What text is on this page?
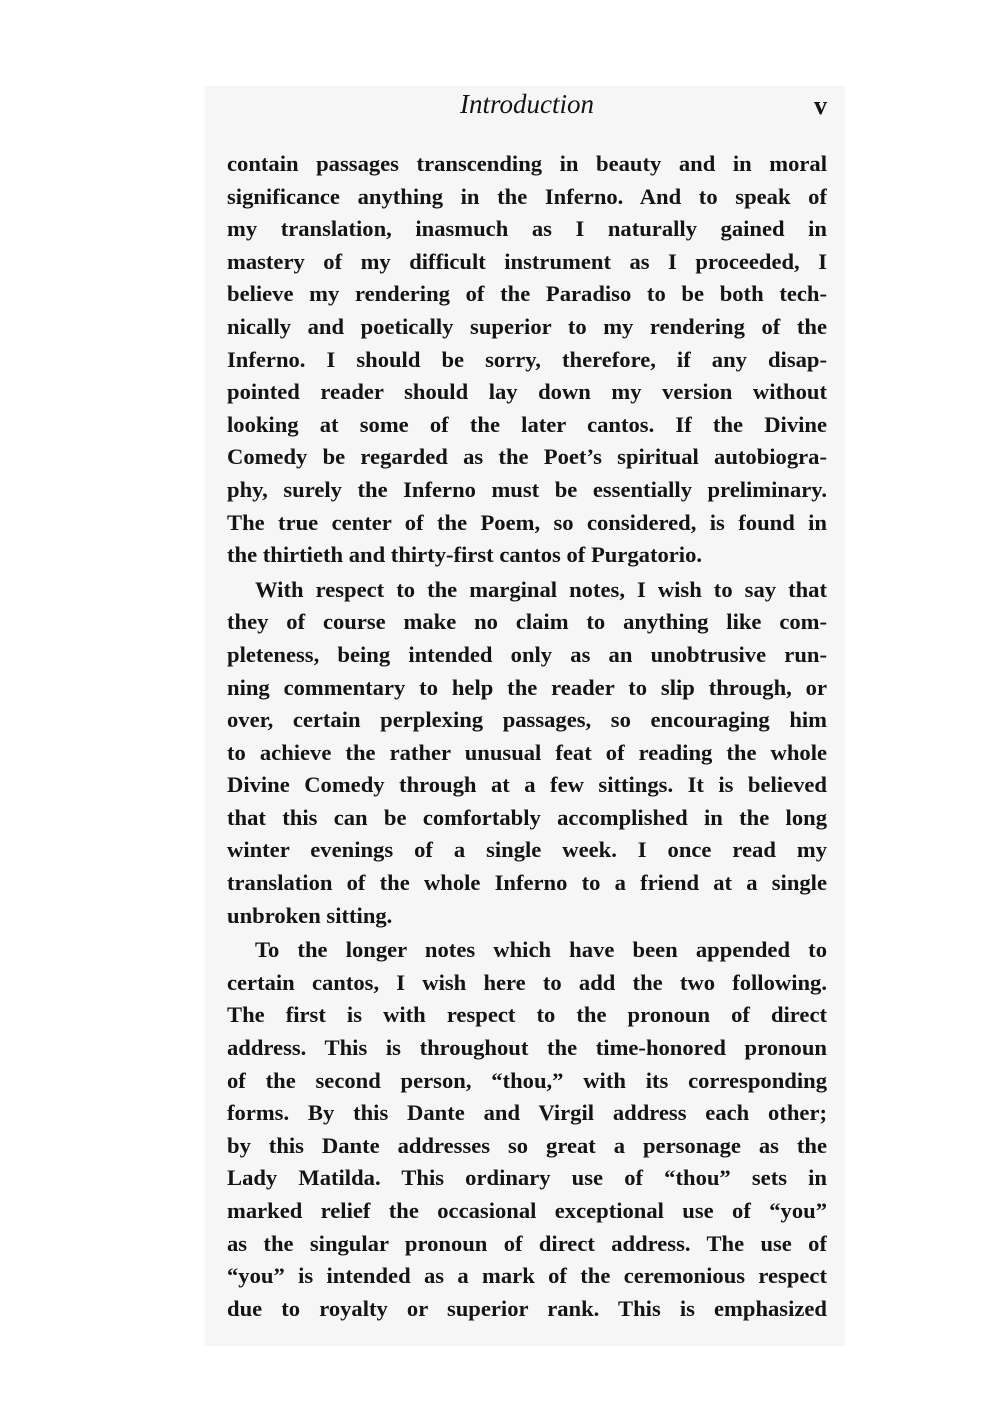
Introduction	v
contain passages transcending in beauty and in moral
significance anything in the Inferno. And to speak of
my translation, inasmuch as I naturally gained in
mastery of my difficult instrument as I proceeded, I
believe my rendering of the Paradiso to be both tech-
nically and poetically superior to my rendering of the
Inferno. I should be sorry, therefore, if any disap-
pointed reader should lay down my version without
looking at some of the later cantos. If the Divine
Comedy be regarded as the Poet’s spiritual autobiogra-
phy, surely the Inferno must be essentially preliminary.
The true center of the Poem, so considered, is found in
the thirtieth and thirty-first cantos of Purgatorio.
With respect to the marginal notes, I wish to say that
they of course make no claim to anything like com-
pleteness, being intended only as an unobtrusive run-
ning commentary to help the reader to slip through, or
over, certain perplexing passages, so encouraging him
to achieve the rather unusual feat of reading the whole
Divine Comedy through at a few sittings. It is believed
that this can be comfortably accomplished in the long
winter evenings of a single week. I once read my
translation of the whole Inferno to a friend at a single
unbroken sitting.
To the longer notes which have been appended to
certain cantos, I wish here to add the two following.
The first is with respect to the pronoun of direct
address. This is throughout the time-honored pronoun
of the second person, “thou,” with its corresponding
forms. By this Dante and Virgil address each other;
by this Dante addresses so great a personage as the
Lady Matilda. This ordinary use of “thou” sets in
marked relief the occasional exceptional use of “you”
as the singular pronoun of direct address. The use of
“you” is intended as a mark of the ceremonious respect
due to royalty or superior rank. This is emphasized
